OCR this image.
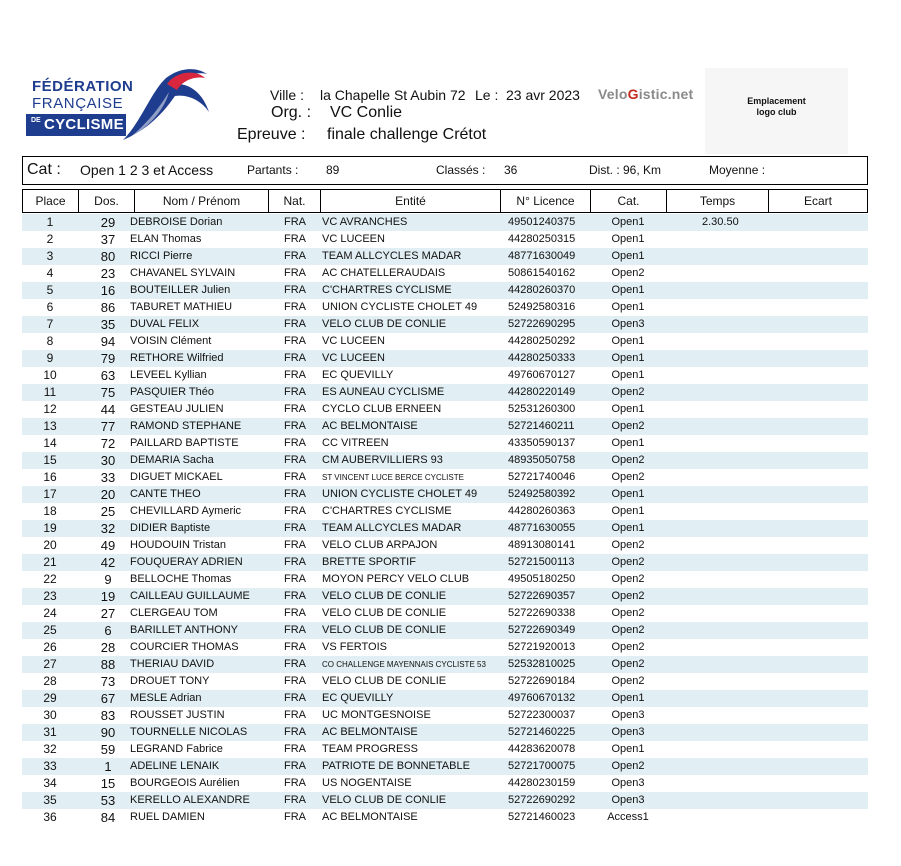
FÉDÉRATION
FRANÇAISE
DE CYCLISME
Ville : la Chapelle St Aubin 72 Le : 23 avr 2023 VeloGistic.net
Org. : VC Conlie
Epreuve : finale challenge Crétot
Emplacement
logo club
Cat : Open 1 2 3 et Access	Partants : 89	Classés : 36	Dist. : 96, Km	Moyenne :
Place	Dos.	Nom / Prénom	Nat.	Entité	N° Licence	Cat.	Temps	Ecart
1	29	DEBROISE Dorian	FRA	VC AVRANCHES	49501240375	Open1	2.30.50
2	37	ELAN Thomas	FRA	VC LUCEEN	44280250315	Open1
3	80	RICCI Pierre	FRA	TEAM ALLCYCLES MADAR	48771630049	Open1
4	23	CHAVANEL SYLVAIN	FRA	AC CHATELLERAUDAIS	50861540162	Open2
5	16	BOUTEILLER Julien	FRA	C'CHARTRES CYCLISME	44280260370	Open1
6	86	TABURET MATHIEU	FRA	UNION CYCLISTE CHOLET 49	52492580316	Open1
7	35	DUVAL FELIX	FRA	VELO CLUB DE CONLIE	52722690295	Open3
8	94	VOISIN Clément	FRA	VC LUCEEN	44280250292	Open1
9	79	RETHORE Wilfried	FRA	VC LUCEEN	44280250333	Open1
10	63	LEVEEL Kyllian	FRA	EC QUEVILLY	49760670127	Open1
11	75	PASQUIER Théo	FRA	ES AUNEAU CYCLISME	44280220149	Open2
12	44	GESTEAU JULIEN	FRA	CYCLO CLUB ERNEEN	52531260300	Open1
13	77	RAMOND STEPHANE	FRA	AC BELMONTAISE	52721460211	Open2
14	72	PAILLARD BAPTISTE	FRA	CC VITREEN	43350590137	Open1
15	30	DEMARIA Sacha	FRA	CM AUBERVILLIERS 93	48935050758	Open2
16	33	DIGUET MICKAEL	FRA	ST VINCENT LUCE BERCE CYCLISTE	52721740046	Open2
17	20	CANTE THEO	FRA	UNION CYCLISTE CHOLET 49	52492580392	Open1
18	25	CHEVILLARD Aymeric	FRA	C'CHARTRES CYCLISME	44280260363	Open1
19	32	DIDIER Baptiste	FRA	TEAM ALLCYCLES MADAR	48771630055	Open1
20	49	HOUDOUIN Tristan	FRA	VELO CLUB ARPAJON	48913080141	Open2
21	42	FOUQUERAY ADRIEN	FRA	BRETTE SPORTIF	52721500113	Open2
22	9	BELLOCHE Thomas	FRA	MOYON PERCY VELO CLUB	49505180250	Open2
23	19	CAILLEAU GUILLAUME	FRA	VELO CLUB DE CONLIE	52722690357	Open2
24	27	CLERGEAU TOM	FRA	VELO CLUB DE CONLIE	52722690338	Open2
25	6	BARILLET ANTHONY	FRA	VELO CLUB DE CONLIE	52722690349	Open2
26	28	COURCIER THOMAS	FRA	VS FERTOIS	52721920013	Open2
27	88	THERIAU DAVID	FRA	CO CHALLENGE MAYENNAIS CYCLISTE 53 52532810025	Open2
28	73	DROUET TONY	FRA	VELO CLUB DE CONLIE	52722690184	Open2
29	67	MESLE Adrian	FRA	EC QUEVILLY	49760670132	Open1
30	83	ROUSSET JUSTIN	FRA	UC MONTGESNOISE	52722300037	Open3
31	90	TOURNELLE NICOLAS	FRA	AC BELMONTAISE	52721460225	Open3
32	59	LEGRAND Fabrice	FRA	TEAM PROGRESS	44283620078	Open1
33	1	ADELINE LENAIK	FRA	PATRIOTE DE BONNETABLE	52721700075	Open2
34	15	BOURGEOIS Aurélien	FRA	US NOGENTAISE	44280230159	Open3
35	53	KERELLO ALEXANDRE	FRA	VELO CLUB DE CONLIE	52722690292	Open3
36	84	RUEL DAMIEN	FRA	AC BELMONTAISE	52721460023	Access1
